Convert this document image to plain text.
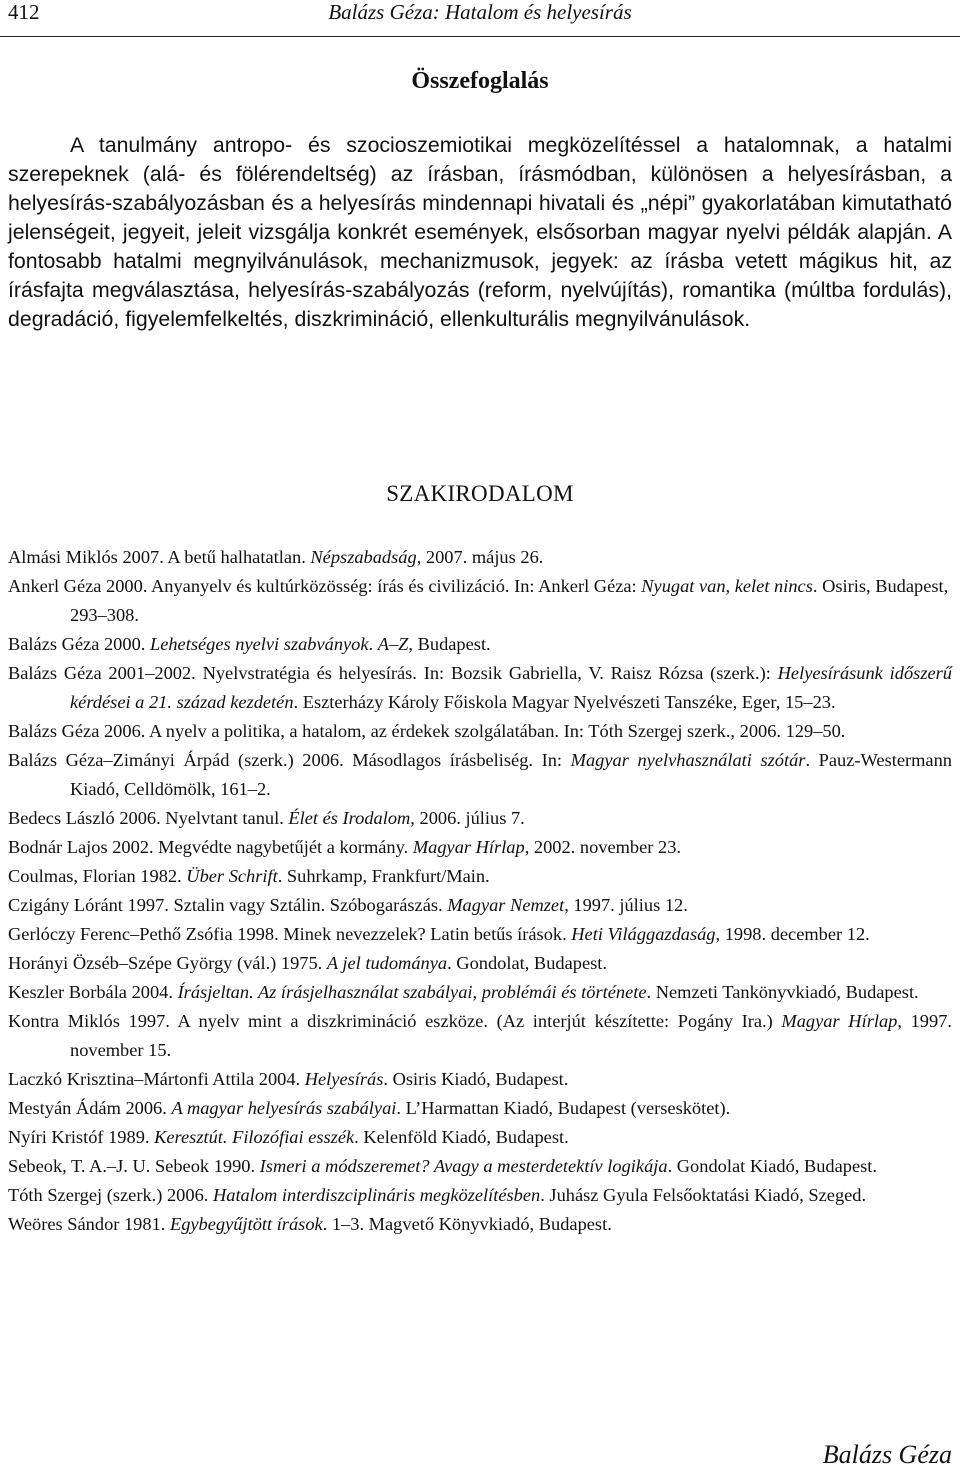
412	Balázs Géza: Hatalom és helyesírás
Összefoglalás

A tanulmány antropo- és szocioszemiotikai megközelítéssel a hatalomnak, a hatalmi szerepeknek (alá- és fölérendeltség) az írásban, írásmódban, különösen a helyesírásban, a helyesírás-szabályozásban és a helyesírás mindennapi hivatali és „népi” gyakorlatában kimutatható jelenségeit, jegyeit, jeleit vizsgálja konkrét események, elsősorban magyar nyelvi példák alapján. A fontosabb hatalmi megnyilvánulások, mechanizmusok, jegyek: az írásba vetett mágikus hit, az írásfajta megválasztása, helyesírás-szabályozás (reform, nyelvújítás), romantika (múltba fordulás), degradáció, figyelemfelkeltés, diszkrimináció, ellenkulturális megnyilvánulások.

SZAKIRODALOM
Almási Miklós 2007. A betű halhatatlan. Népszabadság, 2007. május 26.
Ankerl Géza 2000. Anyanyelv és kultúrközösség: írás és civilizáció. In: Ankerl Géza: Nyugat van, kelet nincs. Osiris, Budapest, 293–308.
Balázs Géza 2000. Lehetséges nyelvi szabványok. A–Z, Budapest.
Balázs Géza 2001–2002. Nyelvstratégia és helyesírás. In: Bozsik Gabriella, V. Raisz Rózsa (szerk.): Helyesírásunk időszerű kérdései a 21. század kezdetén. Eszterházy Károly Főiskola Magyar Nyelvészeti Tanszéke, Eger, 15–23.
Balázs Géza 2006. A nyelv a politika, a hatalom, az érdekek szolgálatában. In: Tóth Szergej szerk., 2006. 129–50.
Balázs Géza–Zimányi Árpád (szerk.) 2006. Másodlagos írásbeliség. In: Magyar nyelvhasználati szótár. Pauz-Westermann Kiadó, Celldömölk, 161–2.
Bedecs László 2006. Nyelvtant tanul. Élet és Irodalom, 2006. július 7.
Bodnár Lajos 2002. Megvédte nagybetűjét a kormány. Magyar Hírlap, 2002. november 23.
Coulmas, Florian 1982. Über Schrift. Suhrkamp, Frankfurt/Main.
Czigány Lóránt 1997. Sztalin vagy Sztálin. Szóbogarászás. Magyar Nemzet, 1997. július 12.
Gerlóczy Ferenc–Pethő Zsófia 1998. Minek nevezzelek? Latin betűs írások. Heti Világgazdaság, 1998. december 12.
Horányi Özséb–Szépe György (vál.) 1975. A jel tudománya. Gondolat, Budapest.
Keszler Borbála 2004. Írásjeltan. Az írásjelhasználat szabályai, problémái és története. Nemzeti Tankönyvkiadó, Budapest.
Kontra Miklós 1997. A nyelv mint a diszkrimináció eszköze. (Az interjút készítette: Pogány Ira.) Magyar Hírlap, 1997. november 15.
Laczkó Krisztina–Mártonfi Attila 2004. Helyesírás. Osiris Kiadó, Budapest.
Mestyán Ádám 2006. A magyar helyesírás szabályai. L’Harmattan Kiadó, Budapest (verseskötet).
Nyíri Kristóf 1989. Keresztút. Filozófiai esszék. Kelenföld Kiadó, Budapest.
Sebeok, T. A.–J. U. Sebeok 1990. Ismeri a módszeremet? Avagy a mesterdetektív logikája. Gondolat Kiadó, Budapest.
Tóth Szergej (szerk.) 2006. Hatalom interdiszciplináris megközelítésben. Juhász Gyula Felsőoktatási Kiadó, Szeged.
Weöres Sándor 1981. Egybegyűjtött írások. 1–3. Magvető Könyvkiadó, Budapest.
Balázs Géza
